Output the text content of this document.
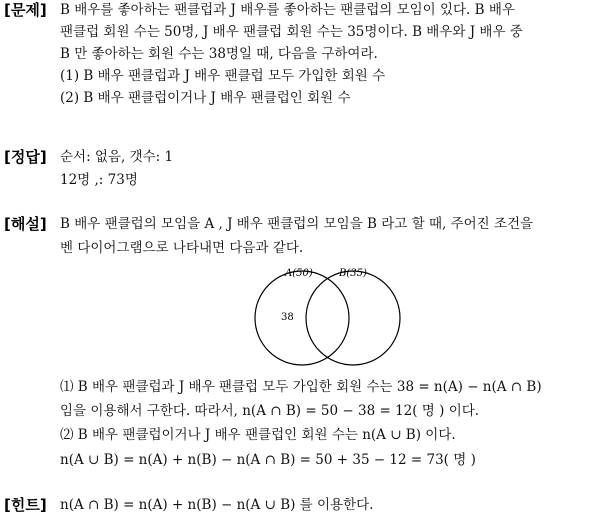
[문제] B 배우를 좋아하는 팬클럽과 J 배우를 좋아하는 팬클럽의 모임이 있다. B 배우
팬클럽 회원 수는 50명, J 배우 팬클럽 회원 수는 35명이다. B 배우와 J 배우 중
B 만 좋아하는 회원 수는 38명일 때, 다음을 구하여라.
(1) B 배우 팬클럽과 J 배우 팬클럽 모두 가입한 회원 수
(2) B 배우 팬클럽이거나 J 배우 팬클럽인 회원 수
[정답] 순서: 없음, 갯수: 1
12명 ,: 73명
[해설] B 배우 팬클럽의 모임을 A , J 배우 팬클럽의 모임을 B 라고 할 때, 주어진 조건을
벤 다이어그램으로 나타내면 다음과 같다.
A(50)	B(35)
38
⑴ B 배우 팬클럽과 J 배우 팬클럽 모두 가입한 회원 수는 38 = n(A) − n(A ∩ B)
임을 이용해서 구한다. 따라서, n(A ∩ B) = 50 − 38 = 12( 명 ) 이다.
⑵ B 배우 팬클럽이거나 J 배우 팬클럽인 회원 수는 n(A ∪ B) 이다.
n(A ∪ B) = n(A) + n(B) − n(A ∩ B) = 50 + 35 − 12 = 73( 명 )
[힌트] n(A ∩ B) = n(A) + n(B) − n(A ∪ B) 를 이용한다.
